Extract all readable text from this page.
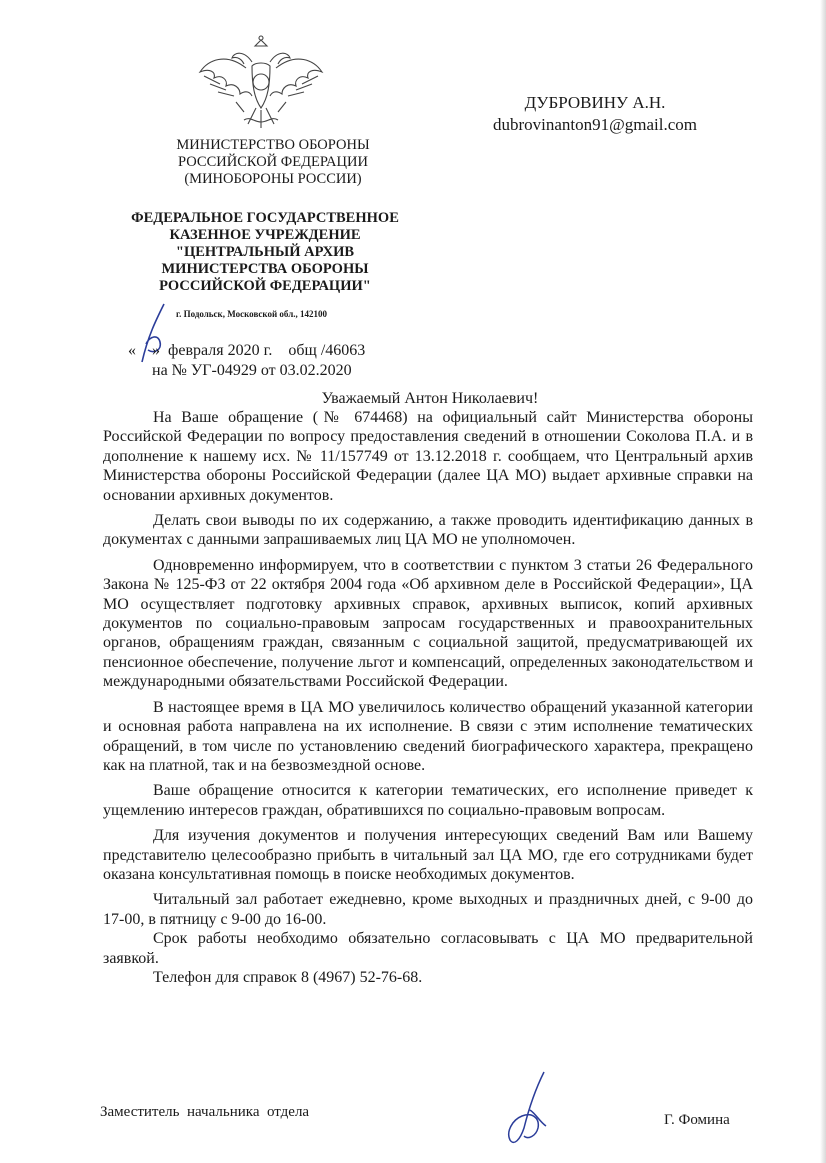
ДУБРОВИНУ А.Н.
dubrovinanton91@gmail.com
МИНИСТЕРСТВО ОБОРОНЫ
РОССИЙСКОЙ ФЕДЕРАЦИИ
(МИНОБОРОНЫ РОССИИ)
ФЕДЕРАЛЬНОЕ ГОСУДАРСТВЕННОЕ
КАЗЕННОЕ УЧРЕЖДЕНИЕ
"ЦЕНТРАЛЬНЫЙ АРХИВ
МИНИСТЕРСТВА ОБОРОНЫ
РОССИЙСКОЙ ФЕДЕРАЦИИ"
г. Подольск, Московской обл., 142100
«    »  февраля 2020 г.    общ /46063
на № УГ-04929 от 03.02.2020
Уважаемый Антон Николаевич!

На Ваше обращение (№ 674468) на официальный сайт Министерства обороны Российской Федерации по вопросу предоставления сведений в отношении Соколова П.А. и в дополнение к нашему исх. № 11/157749 от 13.12.2018 г. сообщаем, что Центральный архив Министерства обороны Российской Федерации (далее ЦА МО) выдает архивные справки на основании архивных документов.

Делать свои выводы по их содержанию, а также проводить идентификацию данных в документах с данными запрашиваемых лиц ЦА МО не уполномочен.

Одновременно информируем, что в соответствии с пунктом 3 статьи 26 Федерального Закона № 125-ФЗ от 22 октября 2004 года «Об архивном деле в Российской Федерации», ЦА МО осуществляет подготовку архивных справок, архивных выписок, копий архивных документов по социально-правовым запросам государственных и правоохранительных органов, обращениям граждан, связанным с социальной защитой, предусматривающей их пенсионное обеспечение, получение льгот и компенсаций, определенных законодательством и международными обязательствами Российской Федерации.

В настоящее время в ЦА МО увеличилось количество обращений указанной категории и основная работа направлена на их исполнение. В связи с этим исполнение тематических обращений, в том числе по установлению сведений биографического характера, прекращено как на платной, так и на безвозмездной основе.

Ваше обращение относится к категории тематических, его исполнение приведет к ущемлению интересов граждан, обратившихся по социально-правовым вопросам.

Для изучения документов и получения интересующих сведений Вам или Вашему представителю целесообразно прибыть в читальный зал ЦА МО, где его сотрудниками будет оказана консультативная помощь в поиске необходимых документов.

Читальный зал работает ежедневно, кроме выходных и праздничных дней, с 9-00 до 17-00, в пятницу с 9-00 до 16-00.

Срок работы необходимо обязательно согласовывать с ЦА МО предварительной заявкой.

Телефон для справок 8 (4967) 52-76-68.

Заместитель  начальника  отдела	Г. Фомина
